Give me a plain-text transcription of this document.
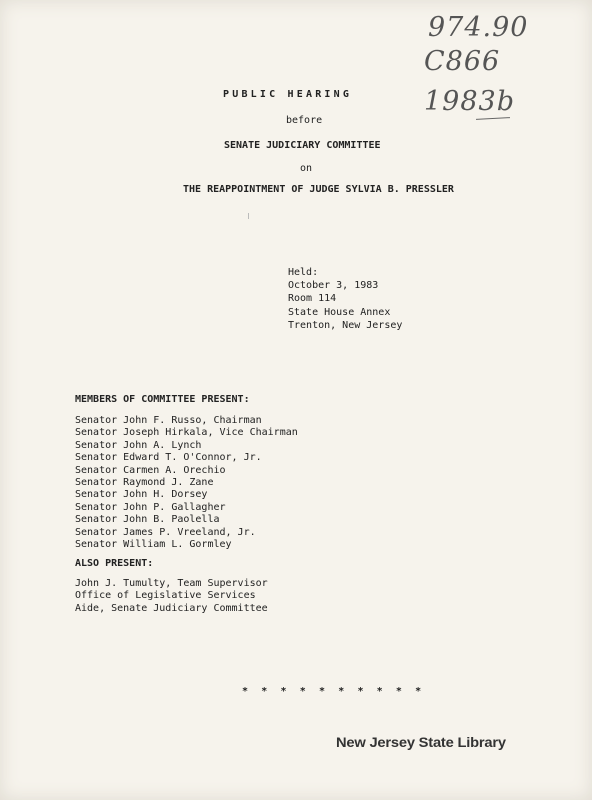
974.90
C866
1983b
PUBLIC HEARING
before
SENATE JUDICIARY COMMITTEE
on
THE REAPPOINTMENT OF JUDGE SYLVIA B. PRESSLER
Held:
October 3, 1983
Room 114
State House Annex
Trenton, New Jersey
MEMBERS OF COMMITTEE PRESENT:
Senator John F. Russo, Chairman
Senator Joseph Hirkala, Vice Chairman
Senator John A. Lynch
Senator Edward T. O'Connor, Jr.
Senator Carmen A. Orechio
Senator Raymond J. Zane
Senator John H. Dorsey
Senator John P. Gallagher
Senator John B. Paolella
Senator James P. Vreeland, Jr.
Senator William L. Gormley
ALSO PRESENT:
John J. Tumulty, Team Supervisor
Office of Legislative Services
Aide, Senate Judiciary Committee
* * * * * * * * * *
New Jersey State Library
